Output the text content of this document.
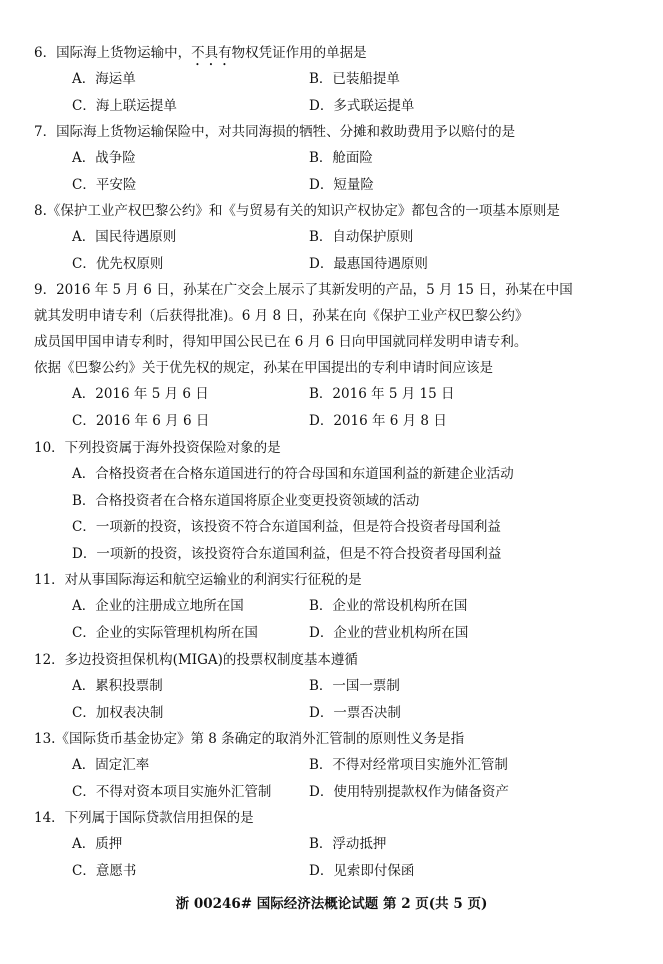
6．国际海上货物运输中，不具有物权凭证作用的单据是
A．海运单	B．已装船提单
C．海上联运提单	D．多式联运提单
7．国际海上货物运输保险中，对共同海损的牺牲、分摊和救助费用予以赔付的是
A．战争险	B．舱面险
C．平安险	D．短量险
8.《保护工业产权巴黎公约》和《与贸易有关的知识产权协定》都包含的一项基本原则是
A．国民待遇原则	B．自动保护原则
C．优先权原则	D．最惠国待遇原则
9．2016 年 5 月 6 日，孙某在广交会上展示了其新发明的产品，5 月 15 日，孙某在中国
就其发明申请专利（后获得批准)。6 月 8 日，孙某在向《保护工业产权巴黎公约》
成员国甲国申请专利时，得知甲国公民已在 6 月 6 日向甲国就同样发明申请专利。
依据《巴黎公约》关于优先权的规定，孙某在甲国提出的专利申请时间应该是
A．2016 年 5 月 6 日	B．2016 年 5 月 15 日
C．2016 年 6 月 6 日	D．2016 年 6 月 8 日
10．下列投资属于海外投资保险对象的是
A．合格投资者在合格东道国进行的符合母国和东道国利益的新建企业活动
B．合格投资者在合格东道国将原企业变更投资领域的活动
C．一项新的投资，该投资不符合东道国利益，但是符合投资者母国利益
D．一项新的投资，该投资符合东道国利益，但是不符合投资者母国利益
11．对从事国际海运和航空运输业的利润实行征税的是
A．企业的注册成立地所在国	B．企业的常设机构所在国
C．企业的实际管理机构所在国	D．企业的营业机构所在国
12．多边投资担保机构(MIGA)的投票权制度基本遵循
A．累积投票制	B．一国一票制
C．加权表决制	D．一票否决制
13.《国际货币基金协定》第 8 条确定的取消外汇管制的原则性义务是指
A．固定汇率	B．不得对经常项目实施外汇管制
C．不得对资本项目实施外汇管制	D．使用特别提款权作为储备资产
14．下列属于国际贷款信用担保的是
A．质押	B．浮动抵押
C．意愿书	D．见索即付保函
浙 00246# 国际经济法概论试题 第 2 页(共 5 页)
